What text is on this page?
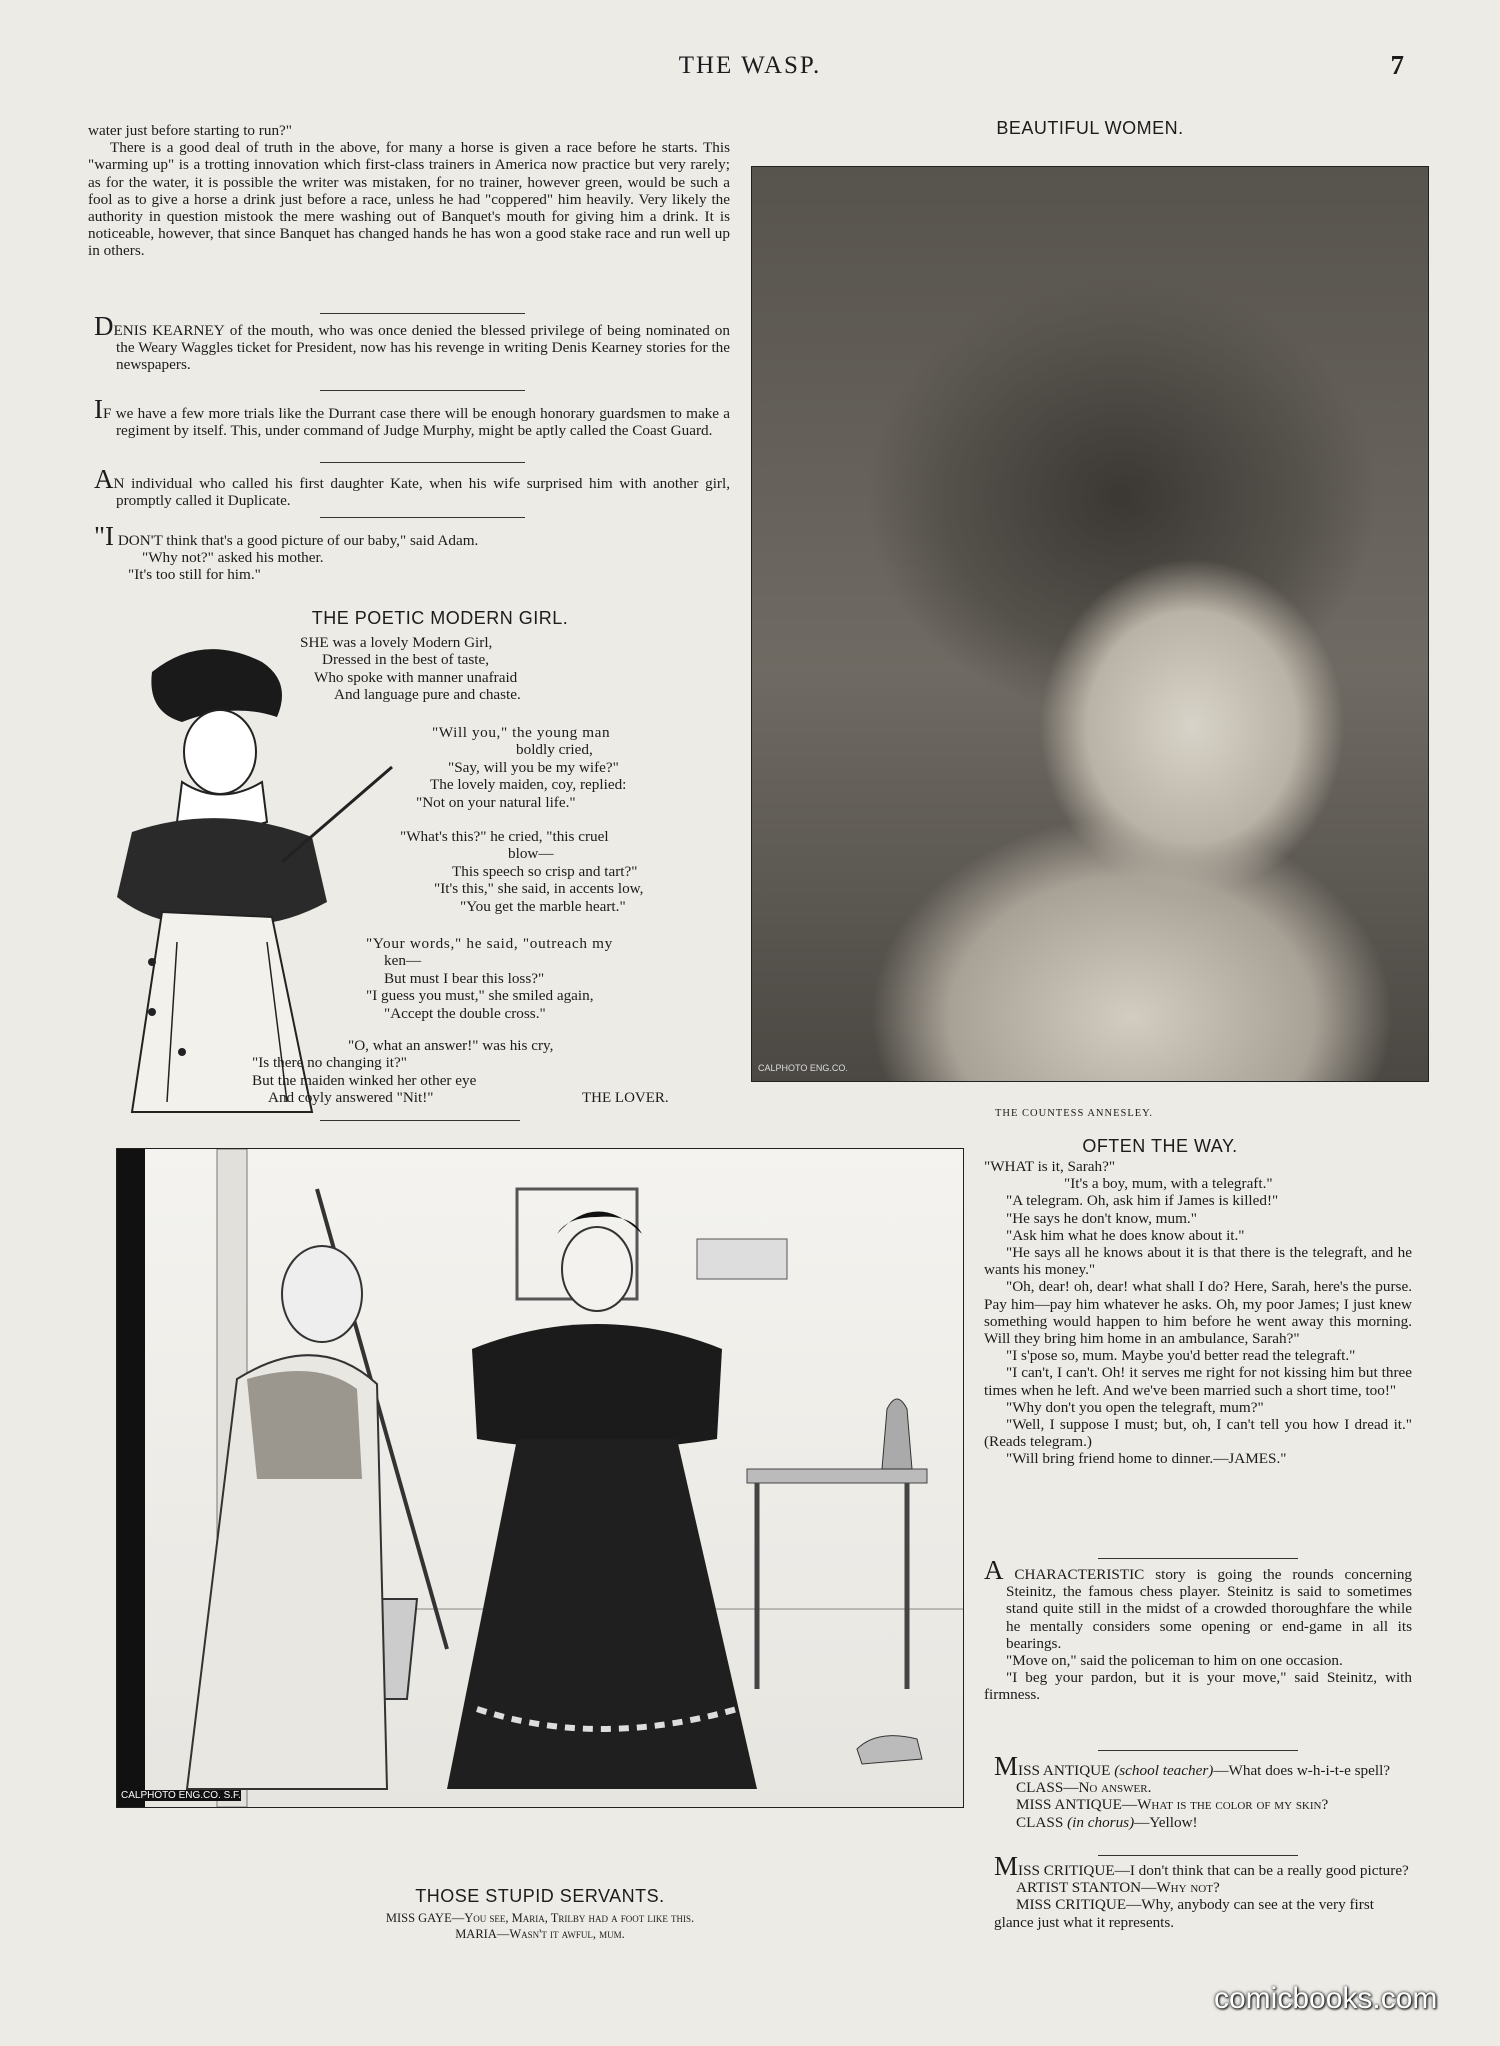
THE WASP.	7

water just before starting to run?"

There is a good deal of truth in the above, for many a horse is given a race before he starts. This "warming up" is a trotting innovation which first-class trainers in America now practice but very rarely; as for the water, it is possible the writer was mistaken, for no trainer, however green, would be such a fool as to give a horse a drink just before a race, unless he had "coppered" him heavily. Very likely the authority in question mistook the mere washing out of Banquet's mouth for giving him a drink. It is noticeable, however, that since Banquet has changed hands he has won a good stake race and run well up in others.

DENIS KEARNEY of the mouth, who was once denied the blessed privilege of being nominated on the Weary Waggles ticket for President, now has his revenge in writing Denis Kearney stories for the newspapers.

IF we have a few more trials like the Durrant case there will be enough honorary guardsmen to make a regiment by itself. This, under command of Judge Murphy, might be aptly called the Coast Guard.

AN individual who called his first daughter Kate, when his wife surprised him with another girl, promptly called it Duplicate.

"I DON'T think that's a good picture of our baby," said Adam.

"Why not?" asked his mother.

"It's too still for him."

THE POETIC MODERN GIRL.

SHE was a lovely Modern Girl,

Dressed in the best of taste,

Who spoke with manner unafraid

And language pure and chaste.

"Will you," the young man

boldly cried,

"Say, will you be my wife?"

The lovely maiden, coy, replied:

"Not on your natural life."

"What's this?" he cried, "this cruel

blow—

This speech so crisp and tart?"

"It's this," she said, in accents low,

"You get the marble heart."

"Your words," he said, "outreach my

ken—

But must I bear this loss?"

"I guess you must," she smiled again,

"Accept the double cross."

"O, what an answer!" was his cry,

"Is there no changing it?"

But the maiden winked her other eye

And coyly answered "Nit!"	THE LOVER.
BEAUTIFUL WOMEN.
CALPHOTO ENG.CO.
THE COUNTESS ANNESLEY.
OFTEN THE WAY.

"WHAT is it, Sarah?"

"It's a boy, mum, with a telegraft."

"A telegram. Oh, ask him if James is killed!"

"He says he don't know, mum."

"Ask him what he does know about it."

"He says all he knows about it is that there is the telegraft, and he wants his money."

"Oh, dear! oh, dear! what shall I do? Here, Sarah, here's the purse. Pay him—pay him whatever he asks. Oh, my poor James; I just knew something would happen to him before he went away this morning. Will they bring him home in an ambulance, Sarah?"

"I s'pose so, mum. Maybe you'd better read the telegraft."

"I can't, I can't. Oh! it serves me right for not kissing him but three times when he left. And we've been married such a short time, too!"

"Why don't you open the telegraft, mum?"

"Well, I suppose I must; but, oh, I can't tell you how I dread it." (Reads telegram.)

"Will bring friend home to dinner.—JAMES."

A CHARACTERISTIC story is going the rounds concerning Steinitz, the famous chess player. Steinitz is said to sometimes stand quite still in the midst of a crowded thoroughfare the while he mentally considers some opening or end-game in all its bearings.

"Move on," said the policeman to him on one occasion.

"I beg your pardon, but it is your move," said Steinitz, with firmness.

MISS ANTIQUE (school teacher)—What does w-h-i-t-e spell?

CLASS—No answer.

MISS ANTIQUE—What is the color of my skin?

CLASS (in chorus)—Yellow!

MISS CRITIQUE—I don't think that can be a really good picture?

ARTIST STANTON—Why not?

MISS CRITIQUE—Why, anybody can see at the very first glance just what it represents.

CALPHOTO ENG.CO. S.F.
THOSE STUPID SERVANTS.
MISS GAYE—You see, Maria, Trilby had a foot like this.
MARIA—Wasn't it awful, mum.
comicbooks.com
